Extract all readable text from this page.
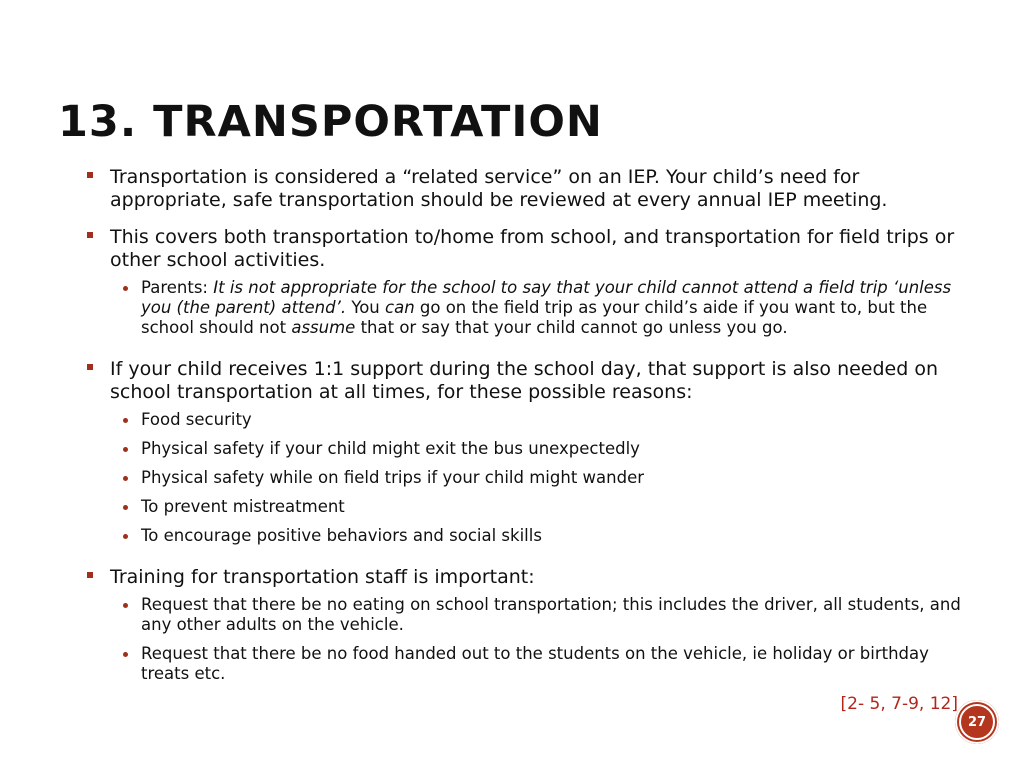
13. TRANSPORTATION
Transportation is considered a “related service” on an IEP. Your child’s need for appropriate, safe transportation should be reviewed at every annual IEP meeting.
This covers both transportation to/home from school, and transportation for field trips or other school activities.
Parents: It is not appropriate for the school to say that your child cannot attend a field trip ‘unless you (the parent) attend’. You can go on the field trip as your child’s aide if you want to, but the school should not assume that or say that your child cannot go unless you go.
If your child receives 1:1 support during the school day, that support is also needed on school transportation at all times, for these possible reasons:
Food security
Physical safety if your child might exit the bus unexpectedly
Physical safety while on field trips if your child might wander
To prevent mistreatment
To encourage positive behaviors and social skills
Training for transportation staff is important:
Request that there be no eating on school transportation; this includes the driver, all students, and any other adults on the vehicle.
Request that there be no food handed out to the students on the vehicle, ie holiday or birthday treats etc.
[2- 5, 7-9, 12]
27
